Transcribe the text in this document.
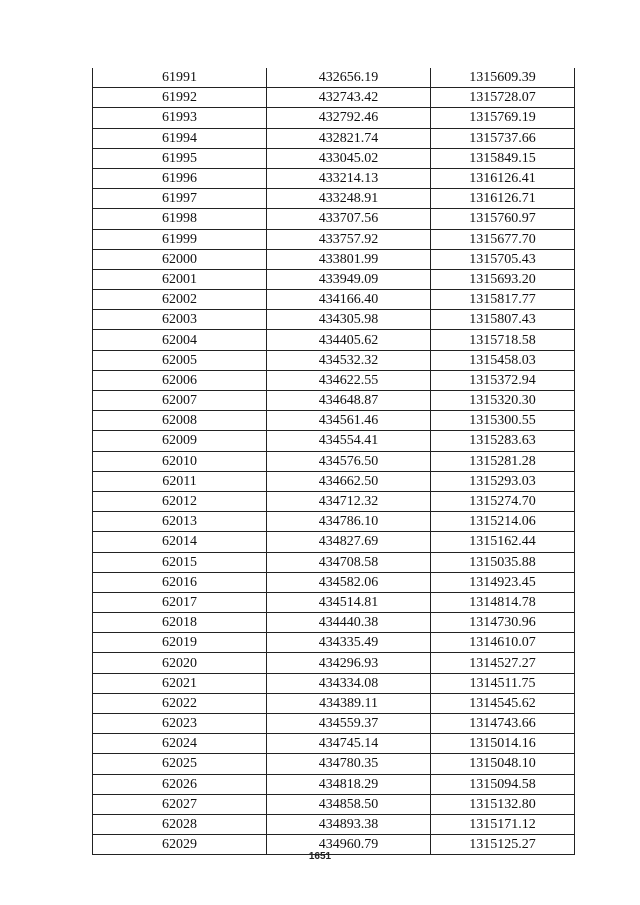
61991	432656.19	1315609.39
61992	432743.42	1315728.07
61993	432792.46	1315769.19
61994	432821.74	1315737.66
61995	433045.02	1315849.15
61996	433214.13	1316126.41
61997	433248.91	1316126.71
61998	433707.56	1315760.97
61999	433757.92	1315677.70
62000	433801.99	1315705.43
62001	433949.09	1315693.20
62002	434166.40	1315817.77
62003	434305.98	1315807.43
62004	434405.62	1315718.58
62005	434532.32	1315458.03
62006	434622.55	1315372.94
62007	434648.87	1315320.30
62008	434561.46	1315300.55
62009	434554.41	1315283.63
62010	434576.50	1315281.28
62011	434662.50	1315293.03
62012	434712.32	1315274.70
62013	434786.10	1315214.06
62014	434827.69	1315162.44
62015	434708.58	1315035.88
62016	434582.06	1314923.45
62017	434514.81	1314814.78
62018	434440.38	1314730.96
62019	434335.49	1314610.07
62020	434296.93	1314527.27
62021	434334.08	1314511.75
62022	434389.11	1314545.62
62023	434559.37	1314743.66
62024	434745.14	1315014.16
62025	434780.35	1315048.10
62026	434818.29	1315094.58
62027	434858.50	1315132.80
62028	434893.38	1315171.12
62029	434960.79	1315125.27
1651
